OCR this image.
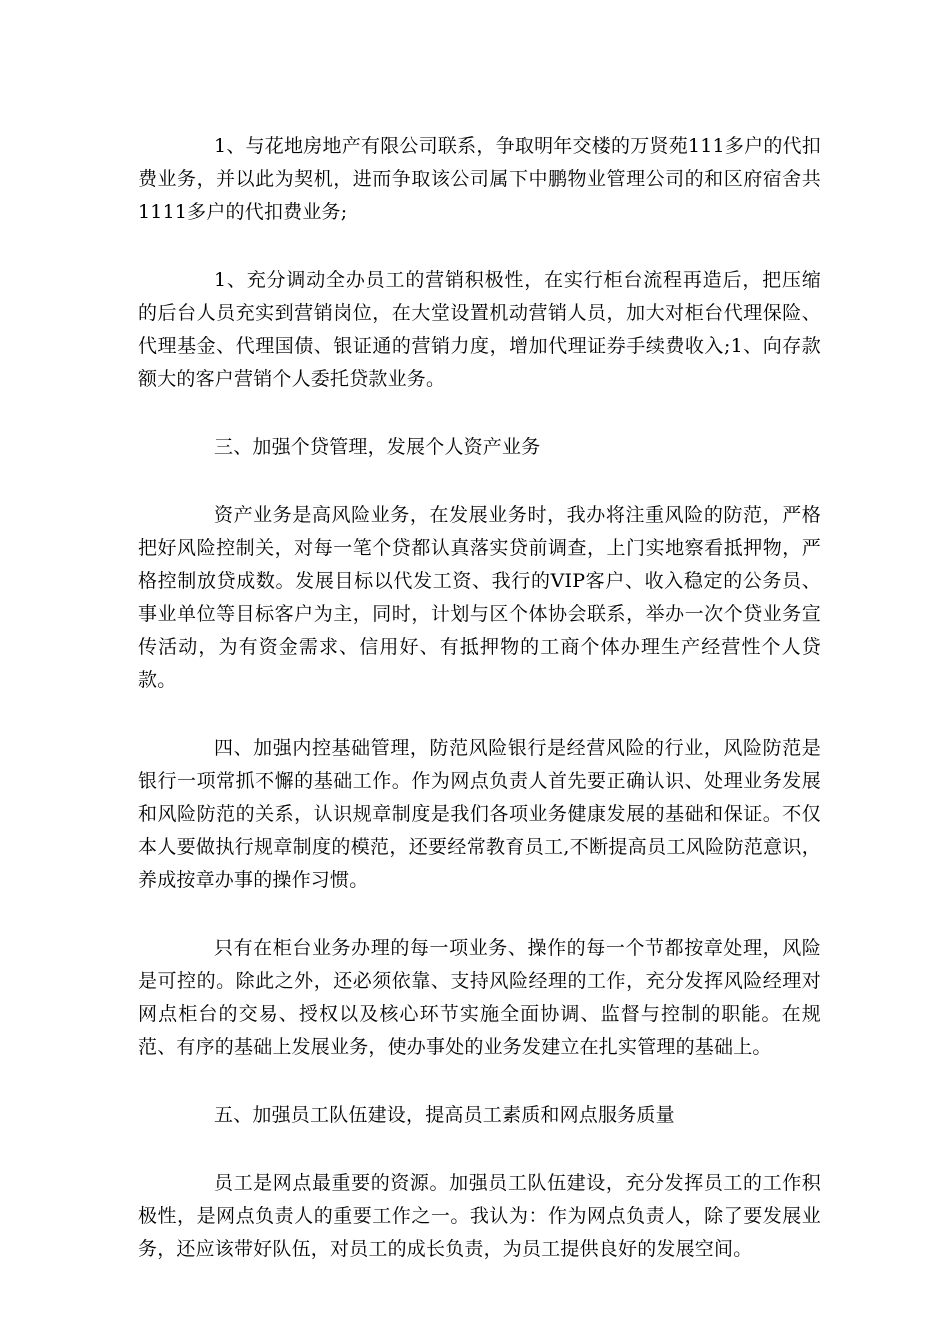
1、与花地房地产有限公司联系，争取明年交楼的万贤苑111多户的代扣费业务，并以此为契机，进而争取该公司属下中鹏物业管理公司的和区府宿舍共1111多户的代扣费业务;

1、充分调动全办员工的营销积极性，在实行柜台流程再造后，把压缩的后台人员充实到营销岗位，在大堂设置机动营销人员，加大对柜台代理保险、代理基金、代理国债、银证通的营销力度，增加代理证券手续费收入;1、向存款额大的客户营销个人委托贷款业务。

三、加强个贷管理，发展个人资产业务

资产业务是高风险业务，在发展业务时，我办将注重风险的防范，严格把好风险控制关，对每一笔个贷都认真落实贷前调查，上门实地察看抵押物，严格控制放贷成数。发展目标以代发工资、我行的VIP客户、收入稳定的公务员、事业单位等目标客户为主，同时，计划与区个体协会联系，举办一次个贷业务宣传活动，为有资金需求、信用好、有抵押物的工商个体办理生产经营性个人贷款。

四、加强内控基础管理，防范风险银行是经营风险的行业，风险防范是银行一项常抓不懈的基础工作。作为网点负责人首先要正确认识、处理业务发展和风险防范的关系，认识规章制度是我们各项业务健康发展的基础和保证。不仅本人要做执行规章制度的模范，还要经常教育员工,不断提高员工风险防范意识，养成按章办事的操作习惯。

只有在柜台业务办理的每一项业务、操作的每一个节都按章处理，风险是可控的。除此之外，还必须依靠、支持风险经理的工作，充分发挥风险经理对网点柜台的交易、授权以及核心环节实施全面协调、监督与控制的职能。在规范、有序的基础上发展业务，使办事处的业务发建立在扎实管理的基础上。

五、加强员工队伍建设，提高员工素质和网点服务质量

员工是网点最重要的资源。加强员工队伍建设，充分发挥员工的工作积极性，是网点负责人的重要工作之一。我认为：作为网点负责人，除了要发展业务，还应该带好队伍，对员工的成长负责，为员工提供良好的发展空间。
